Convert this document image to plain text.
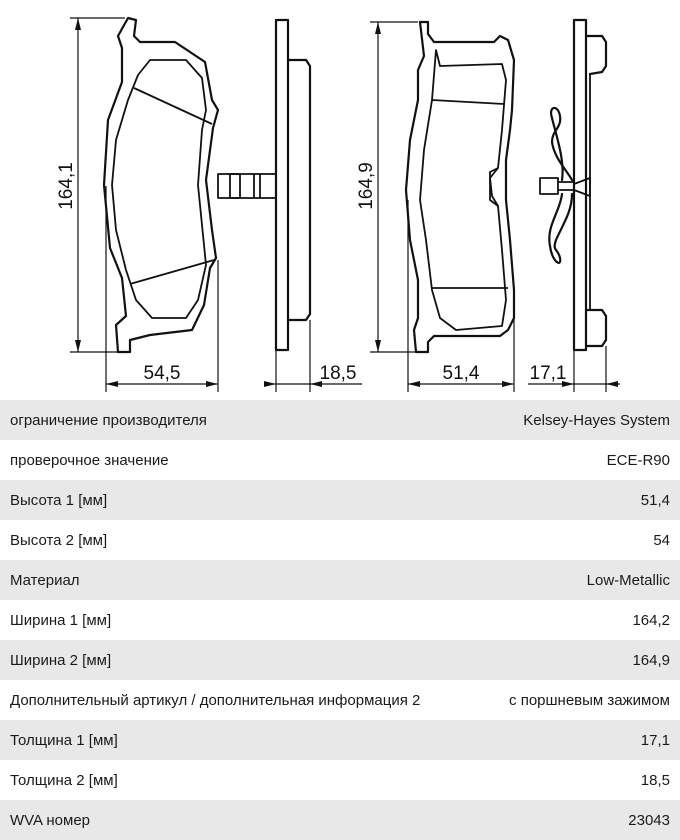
164,1
54,5	18,5
164,9
51,4	17,1
ограничение производителя	Kelsey-Hayes System
проверочное значение	ECE-R90
Высота 1 [мм]	51,4
Высота 2 [мм]	54
Материал	Low-Metallic
Ширина 1 [мм]	164,2
Ширина 2 [мм]	164,9
Дополнительный артикул / дополнительная информация 2	с поршневым зажимом
Толщина 1 [мм]	17,1
Толщина 2 [мм]	18,5
WVA номер	23043
